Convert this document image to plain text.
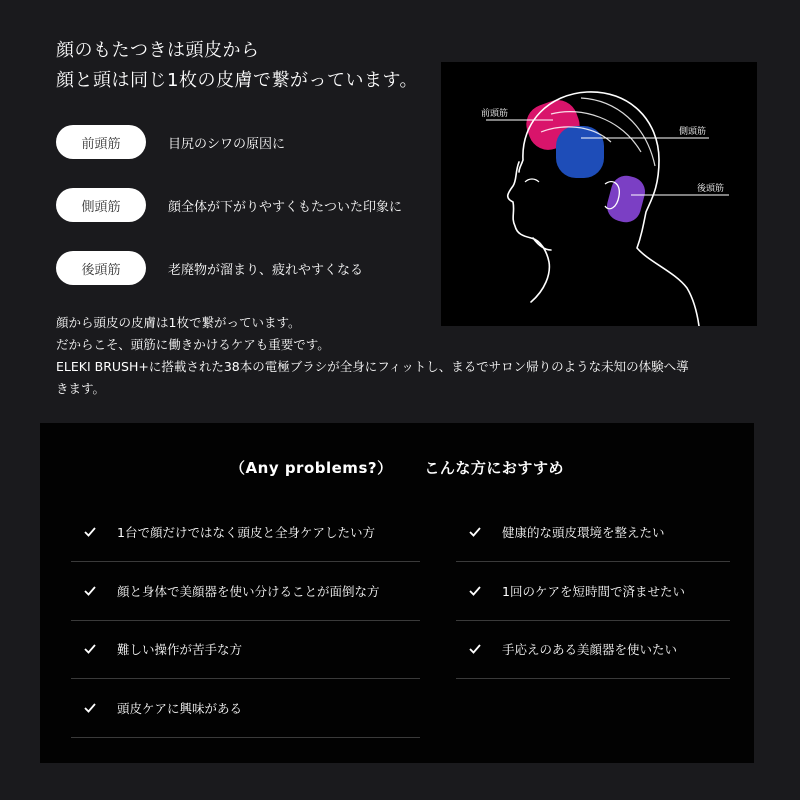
顔のもたつきは頭皮から
顔と頭は同じ1枚の皮膚で繋がっています。
前頭筋	目尻のシワの原因に
側頭筋	顔全体が下がりやすくもたついた印象に
後頭筋	老廃物が溜まり、疲れやすくなる
前頭筋
側頭筋
後頭筋
顔から頭皮の皮膚は1枚で繋がっています。
だからこそ、頭筋に働きかけるケアも重要です。
ELEKI BRUSH+に搭載された38本の電極ブラシが全身にフィットし、まるでサロン帰りのような未知の体験へ導
きます。
（Any problems?） こんな方におすすめ
1台で顔だけではなく頭皮と全身ケアしたい方
顔と身体で美顔器を使い分けることが面倒な方
難しい操作が苦手な方
頭皮ケアに興味がある
健康的な頭皮環境を整えたい
1回のケアを短時間で済ませたい
手応えのある美顔器を使いたい
